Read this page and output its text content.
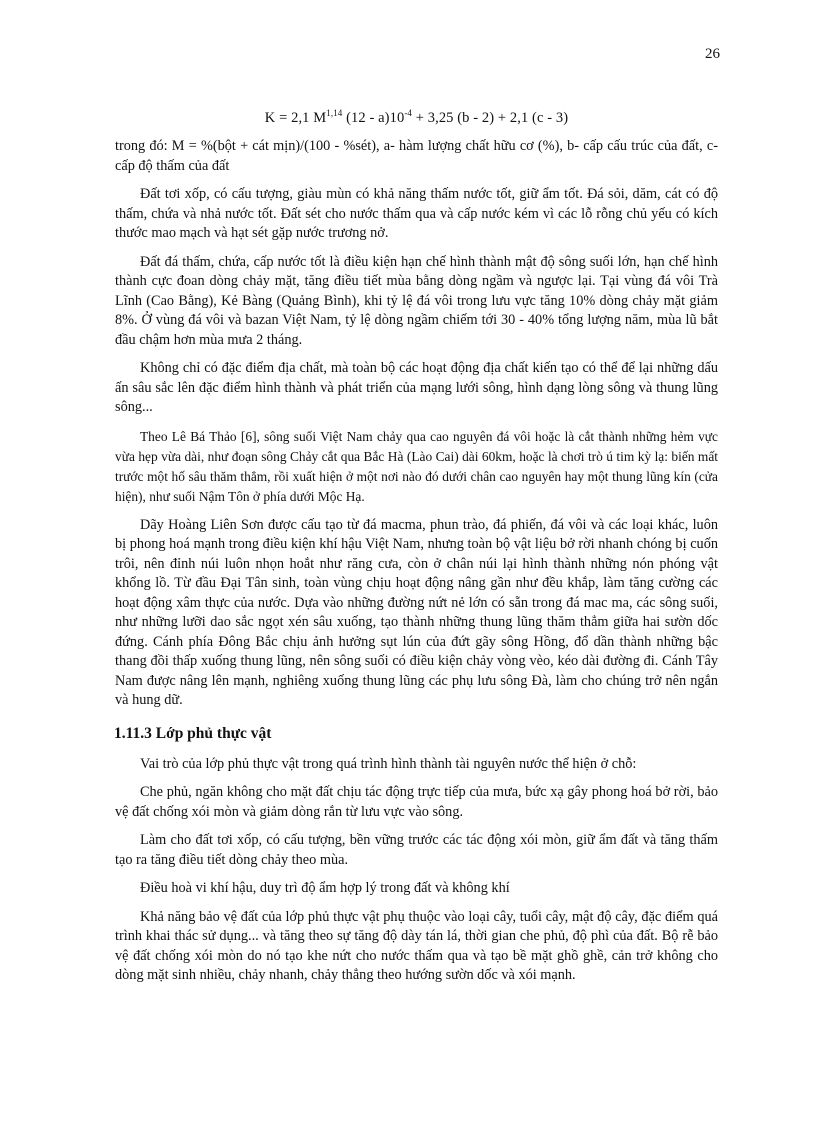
26
K = 2,1 M$^{1,14}$ $(12 - a)10^{-4} + 3,25$ (b - 2) + 2,1 (c - 3)

trong đó: M = %(bột + cát mịn)/(100 - %sét), a- hàm lượng chất hữu cơ (%), b- cấp cấu trúc của đất, c- cấp độ thấm của đất

Đất tơi xốp, có cấu tượng, giàu mùn có khả năng thấm nước tốt, giữ ẩm tốt. Đá sỏi, dăm, cát có độ thấm, chứa và nhả nước tốt. Đất sét cho nước thấm qua và cấp nước kém vì các lỗ rỗng chủ yếu có kích thước mao mạch và hạt sét gặp nước trương nở.

Đất đá thấm, chứa, cấp nước tốt là điều kiện hạn chế hình thành mật độ sông suối lớn, hạn chế hình thành cực đoan dòng chảy mặt, tăng điều tiết mùa bằng dòng ngầm và ngược lại. Tại vùng đá vôi Trà Lĩnh (Cao Bằng), Kẻ Bàng (Quảng Bình), khi tỷ lệ đá vôi trong lưu vực tăng 10% dòng chảy mặt giảm 8%. Ở vùng đá vôi và bazan Việt Nam, tỷ lệ dòng ngầm chiếm tới 30 - 40% tổng lượng năm, mùa lũ bắt đầu chậm hơn mùa mưa 2 tháng.

Không chỉ có đặc điểm địa chất, mà toàn bộ các hoạt động địa chất kiến tạo có thể để lại những dấu ấn sâu sắc lên đặc điểm hình thành và phát triển của mạng lưới sông, hình dạng lòng sông và thung lũng sông...

Theo Lê Bá Thảo [6], sông suối Việt Nam chảy qua cao nguyên đá vôi hoặc là cắt thành những hẻm vực vừa hẹp vừa dài, như đoạn sông Chảy cắt qua Bắc Hà (Lào Cai) dài 60km, hoặc là chơi trò ú tim kỳ lạ: biến mất trước một hố sâu thăm thẳm, rồi xuất hiện ở một nơi nào đó dưới chân cao nguyên hay một thung lũng kín (cửa hiện), như suối Nậm Tôn ở phía dưới Mộc Hạ.

Dãy Hoàng Liên Sơn được cấu tạo từ đá macma, phun trào, đá phiến, đá vôi và các loại khác, luôn bị phong hoá mạnh trong điều kiện khí hậu Việt Nam, nhưng toàn bộ vật liệu bở rời nhanh chóng bị cuốn trôi, nên đỉnh núi luôn nhọn hoắt như răng cưa, còn ở chân núi lại hình thành những nón phóng vật khổng lồ. Từ đầu Đại Tân sinh, toàn vùng chịu hoạt động nâng gần như đều khắp, làm tăng cường các hoạt động xâm thực của nước. Dựa vào những đường nứt nẻ lớn có sẵn trong đá mac ma, các sông suối, như những lưỡi dao sắc ngọt xén sâu xuống, tạo thành những thung lũng thăm thẳm giữa hai sườn dốc đứng. Cánh phía Đông Bắc chịu ảnh hưởng sụt lún của đứt gãy sông Hồng, đổ dần thành những bậc thang đồi thấp xuống thung lũng, nên sông suối có điều kiện chảy vòng vèo, kéo dài đường đi. Cánh Tây Nam được nâng lên mạnh, nghiêng xuống thung lũng các phụ lưu sông Đà, làm cho chúng trở nên ngắn và hung dữ.

1.11.3 Lớp phủ thực vật

Vai trò của lớp phủ thực vật trong quá trình hình thành tài nguyên nước thể hiện ở chỗ:

Che phủ, ngăn không cho mặt đất chịu tác động trực tiếp của mưa, bức xạ gây phong hoá bở rời, bảo vệ đất chống xói mòn và giảm dòng rắn từ lưu vực vào sông.

Làm cho đất tơi xốp, có cấu tượng, bền vững trước các tác động xói mòn, giữ ẩm đất và tăng thấm tạo ra tăng điều tiết dòng chảy theo mùa.

Điều hoà vi khí hậu, duy trì độ ẩm hợp lý trong đất và không khí

Khả năng bảo vệ đất của lớp phủ thực vật phụ thuộc vào loại cây, tuổi cây, mật độ cây, đặc điểm quá trình khai thác sử dụng... và tăng theo sự tăng độ dày tán lá, thời gian che phủ, độ phì của đất. Bộ rễ bảo vệ đất chống xói mòn do nó tạo khe nứt cho nước thấm qua và tạo bề mặt ghồ ghề, cản trở không cho dòng mặt sinh nhiều, chảy nhanh, chảy thẳng theo hướng sườn dốc và xói mạnh.
